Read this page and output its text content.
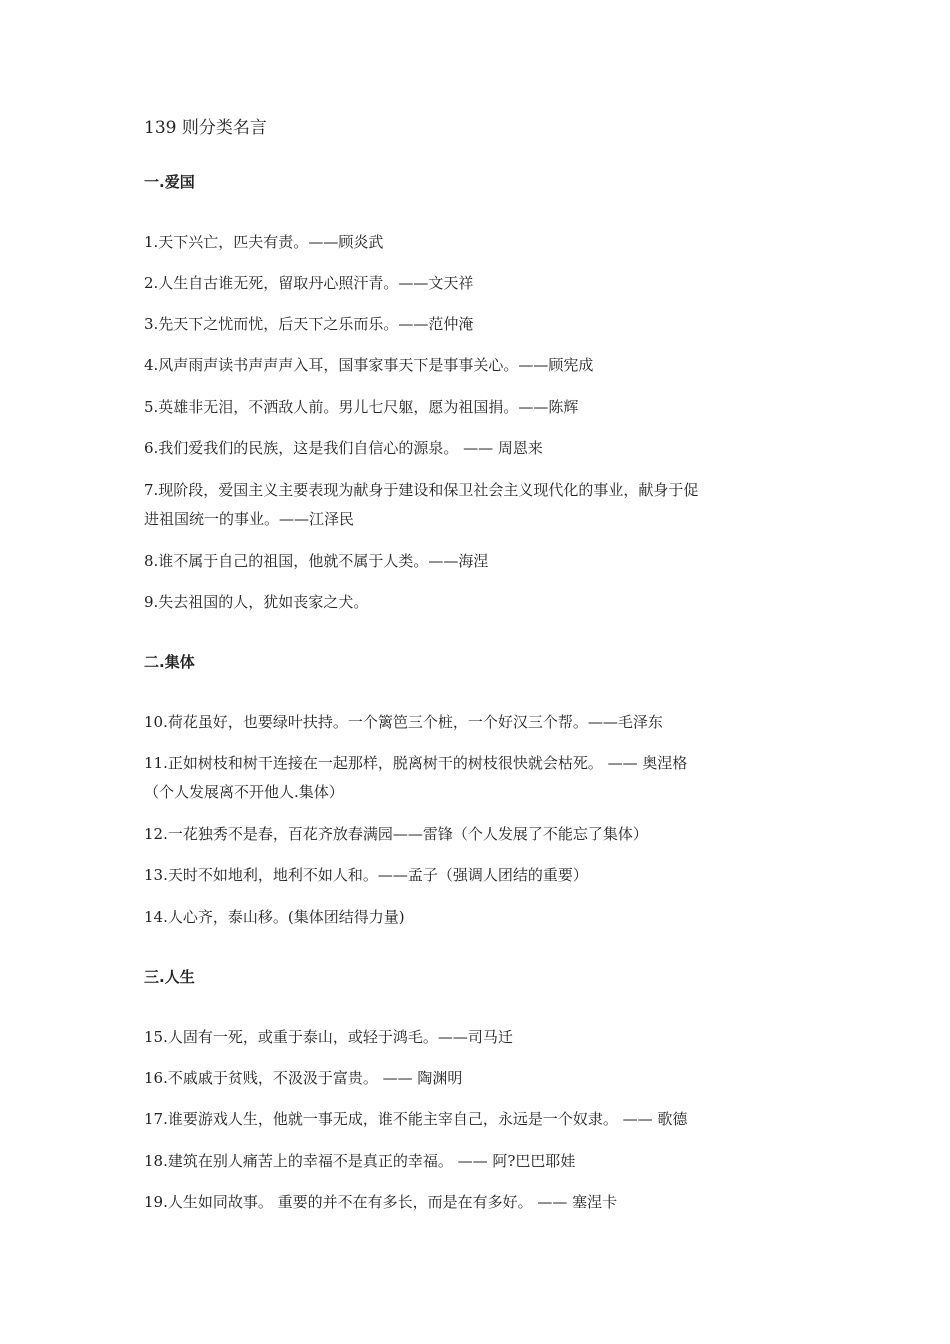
139 则分类名言
一.爱国
1.天下兴亡，匹夫有责。——顾炎武
2.人生自古谁无死，留取丹心照汗青。——文天祥
3.先天下之忧而忧，后天下之乐而乐。——范仲淹
4.风声雨声读书声声声入耳，国事家事天下是事事关心。——顾宪成
5.英雄非无泪，不洒敌人前。男儿七尺躯，愿为祖国捐。——陈辉
6.我们爱我们的民族，这是我们自信心的源泉。 —— 周恩来
7.现阶段，爱国主义主要表现为献身于建设和保卫社会主义现代化的事业，献身于促
进祖国统一的事业。——江泽民
8.谁不属于自己的祖国，他就不属于人类。——海涅
9.失去祖国的人，犹如丧家之犬。
二.集体
10.荷花虽好，也要绿叶扶持。一个篱笆三个桩，一个好汉三个帮。——毛泽东
11.正如树枝和树干连接在一起那样，脱离树干的树枝很快就会枯死。 —— 奥涅格
（个人发展离不开他人.集体）
12.一花独秀不是春，百花齐放春满园——雷锋（个人发展了不能忘了集体）
13.天时不如地利，地利不如人和。——孟子（强调人团结的重要）
14.人心齐，泰山移。(集体团结得力量)
三.人生
15.人固有一死，或重于泰山，或轻于鸿毛。——司马迁
16.不戚戚于贫贱，不汲汲于富贵。 —— 陶渊明
17.谁要游戏人生，他就一事无成，谁不能主宰自己，永远是一个奴隶。 —— 歌德
18.建筑在别人痛苦上的幸福不是真正的幸福。 —— 阿?巴巴耶娃
19.人生如同故事。 重要的并不在有多长，而是在有多好。 —— 塞涅卡
